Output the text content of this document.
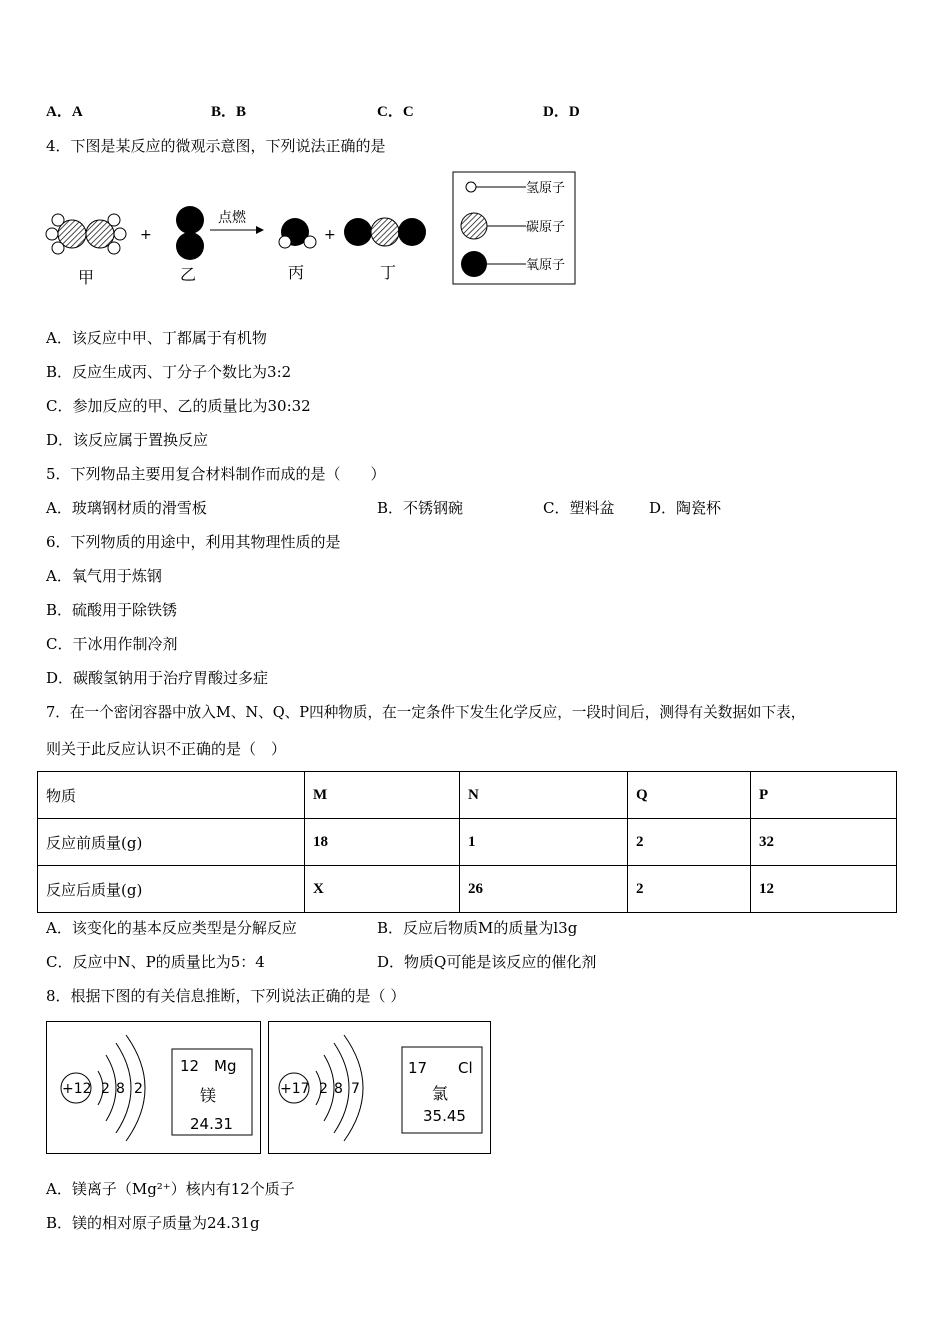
A．A	B．B	C．C	D．D
4．下图是某反应的微观示意图，下列说法正确的是
+
点燃
+
甲	乙	丙	丁
氢原子
碳原子
氧原子
A．该反应中甲、丁都属于有机物
B．反应生成丙、丁分子个数比为3:2
C．参加反应的甲、乙的质量比为30:32
D．该反应属于置换反应
5．下列物品主要用复合材料制作而成的是（　　）
A．玻璃钢材质的滑雪板	B．不锈钢碗	C．塑料盆 D．陶瓷杯
6．下列物质的用途中，利用其物理性质的是
A．氧气用于炼钢
B．硫酸用于除铁锈
C．干冰用作制冷剂
D．碳酸氢钠用于治疗胃酸过多症
7．在一个密闭容器中放入M、N、Q、P四种物质，在一定条件下发生化学反应，一段时间后，测得有关数据如下表，
则关于此反应认识不正确的是（　）
物质	M	N	Q	P
反应前质量(g)	18	1	2	32
反应后质量(g)	X	26	2	12
A．该变化的基本反应类型是分解反应	B．反应后物质M的质量为l3g
C．反应中N、P的质量比为5：4	D．物质Q可能是该反应的催化剂
8．根据下图的有关信息推断，下列说法正确的是（ ）
+12 2 8 2
12 Mg
镁
24.31
+17 2 8 7
17 Cl
氯
35.45
A．镁离子（Mg²⁺）核内有12个质子
B．镁的相对原子质量为24.31g
